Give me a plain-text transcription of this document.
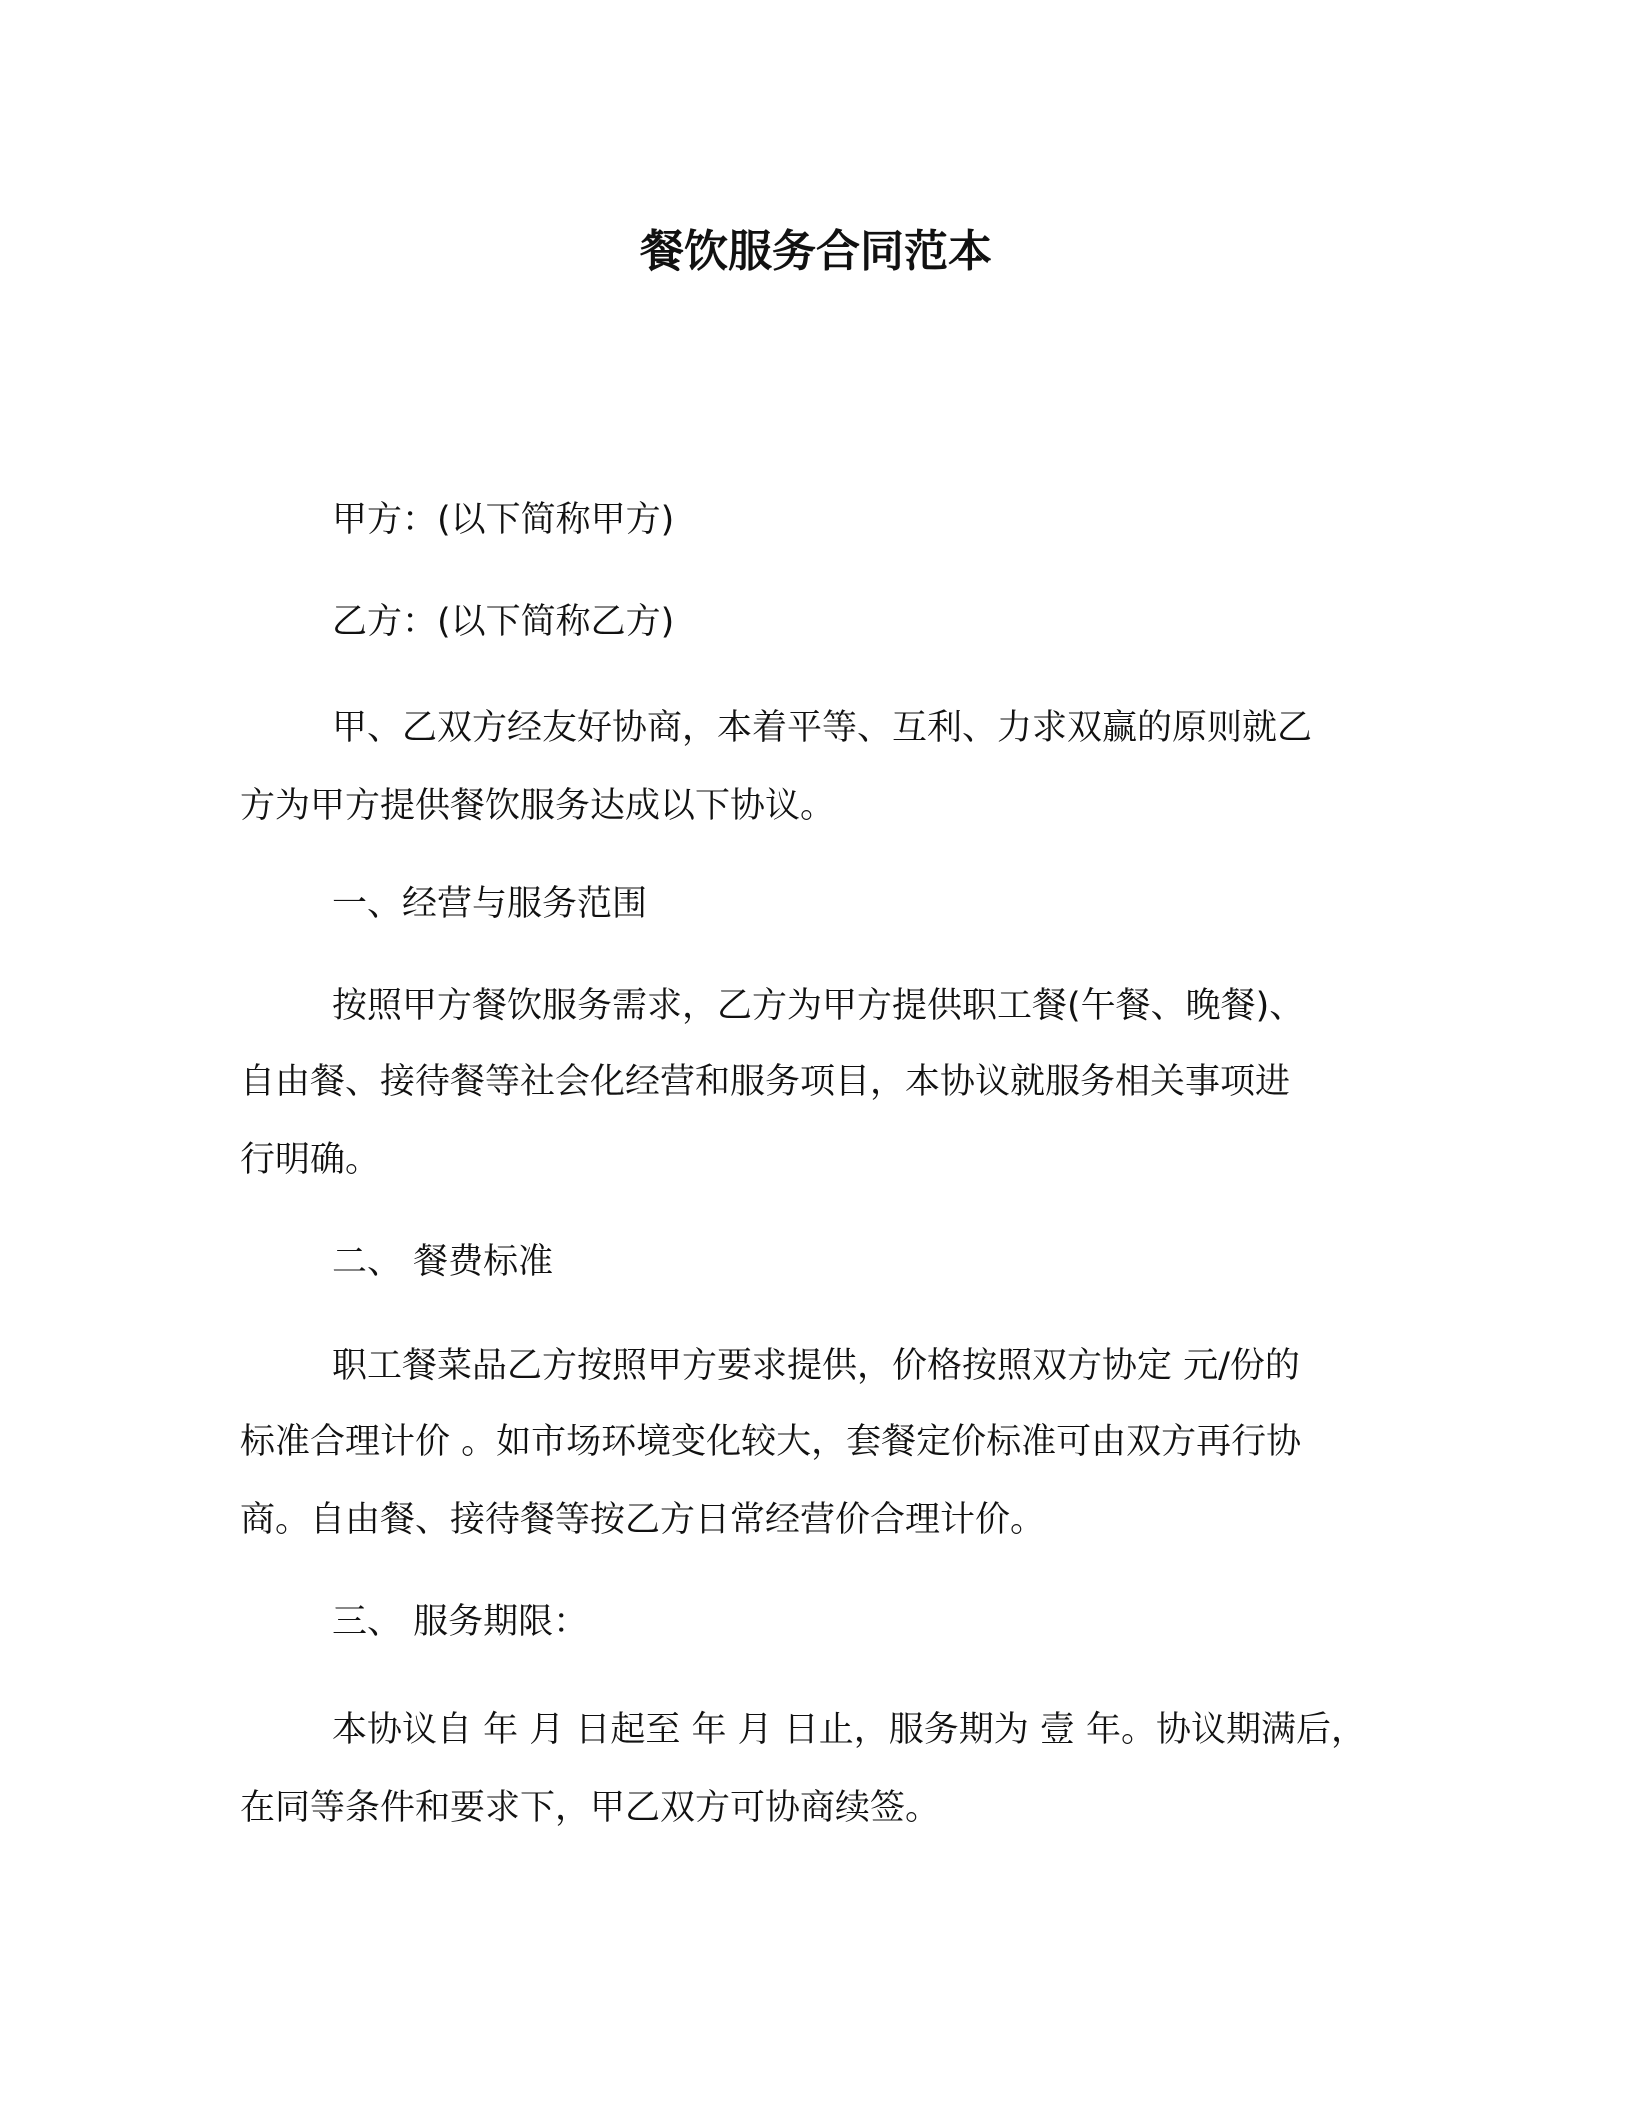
餐饮服务合同范本
甲方：(以下简称甲方)
乙方：(以下简称乙方)
甲、乙双方经友好协商，本着平等、互利、力求双赢的原则就乙
方为甲方提供餐饮服务达成以下协议。
一、经营与服务范围
按照甲方餐饮服务需求，乙方为甲方提供职工餐(午餐、晚餐)、
自由餐、接待餐等社会化经营和服务项目，本协议就服务相关事项进
行明确。
二、 餐费标准
职工餐菜品乙方按照甲方要求提供，价格按照双方协定 元/份的
标准合理计价 。如市场环境变化较大，套餐定价标准可由双方再行协
商。自由餐、接待餐等按乙方日常经营价合理计价。
三、 服务期限：
本协议自 年 月 日起至 年 月 日止，服务期为 壹 年。协议期满后，
在同等条件和要求下，甲乙双方可协商续签。
